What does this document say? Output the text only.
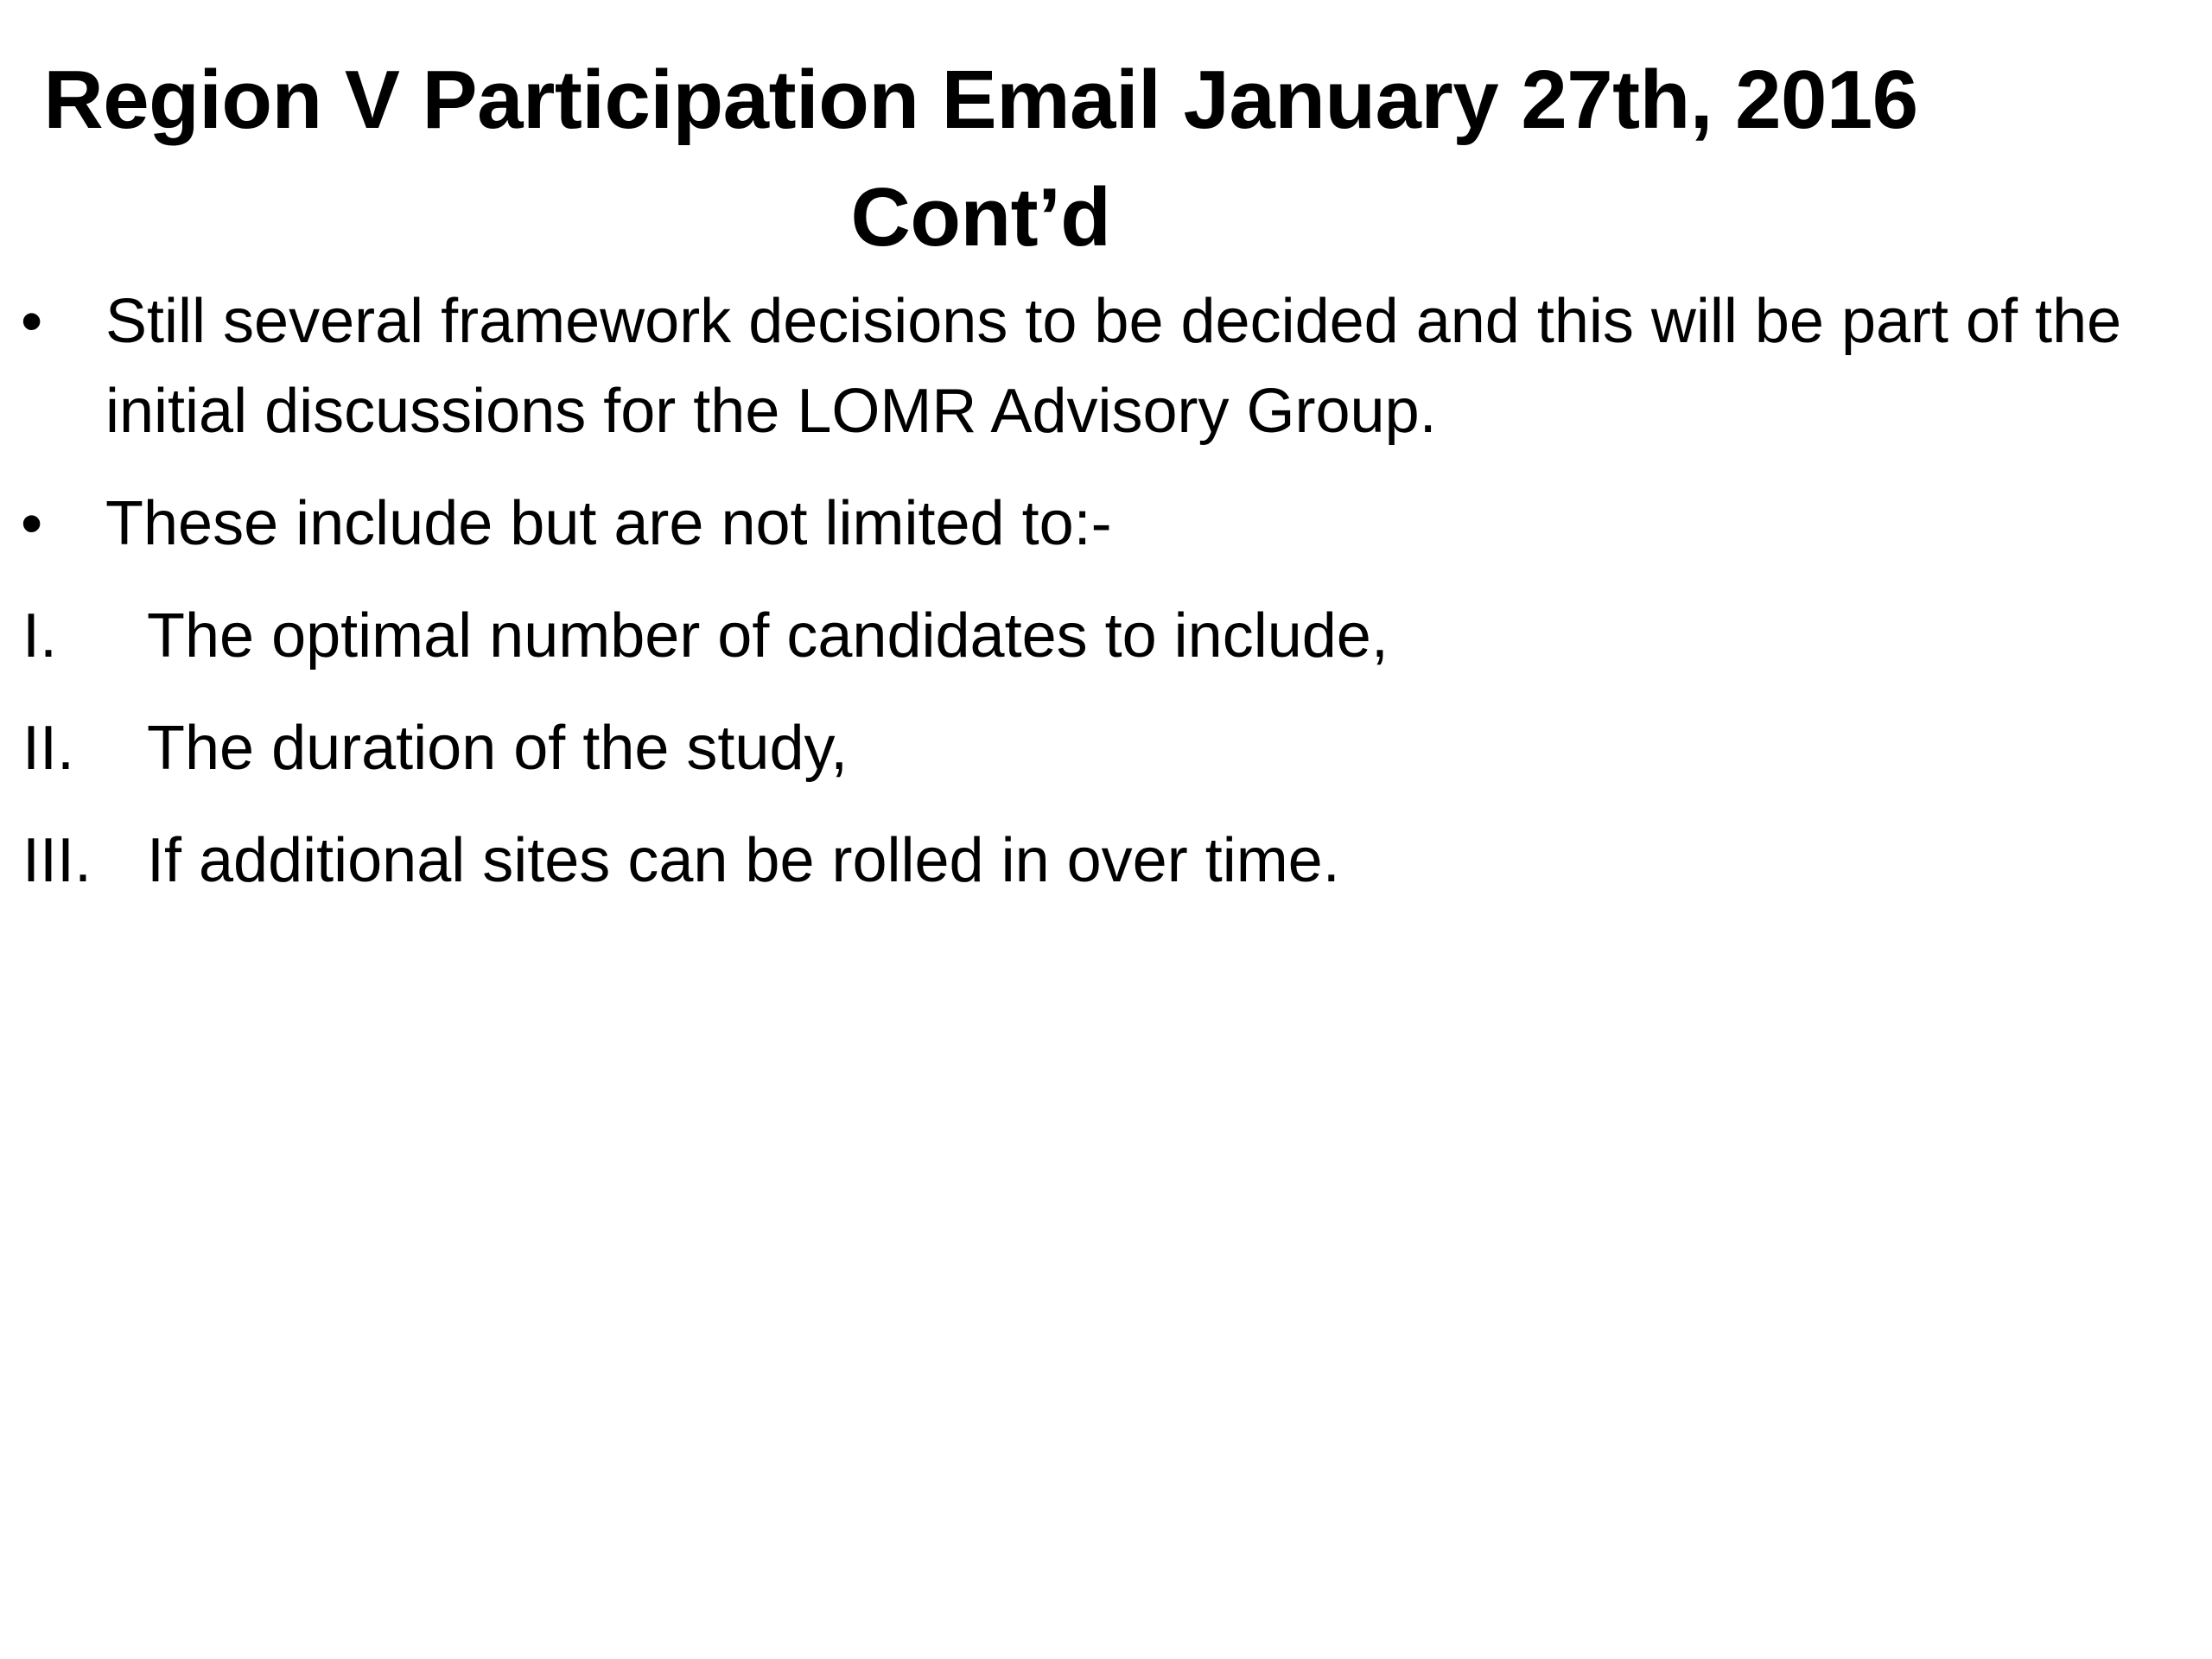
Region V Participation Email January 27th, 2016
Cont’d
•	Still several framework decisions to be decided and this will be part of the initial discussions for the LOMR Advisory Group.
•	These include but are not limited to:-
I.	The optimal number of candidates to include,
II.	The duration of the study,
III. If additional sites can be rolled in over time.
